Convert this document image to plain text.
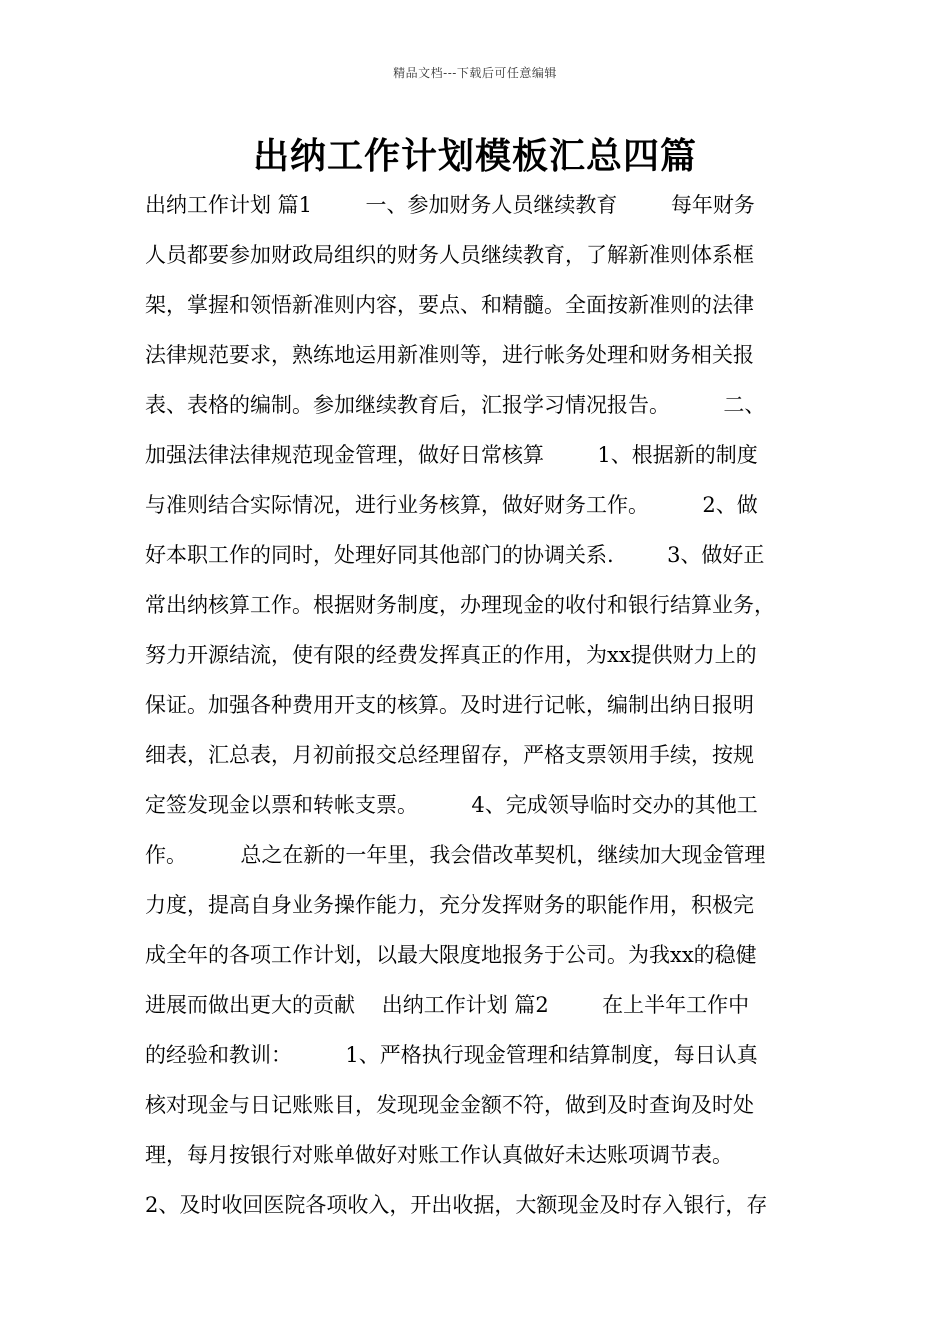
精品文档---下载后可任意编辑
出纳工作计划模板汇总四篇
出纳工作计划 篇1        一、参加财务人员继续教育        每年财务
人员都要参加财政局组织的财务人员继续教育，了解新准则体系框
架，掌握和领悟新准则内容，要点、和精髓。全面按新准则的法律
法律规范要求，熟练地运用新准则等，进行帐务处理和财务相关报
表、表格的编制。参加继续教育后，汇报学习情况报告。        二、
加强法律法律规范现金管理，做好日常核算        1、根据新的制度
与准则结合实际情况，进行业务核算，做好财务工作。        2、做
好本职工作的同时，处理好同其他部门的协调关系.        3、做好正
常出纳核算工作。根据财务制度，办理现金的收付和银行结算业务，
努力开源结流，使有限的经费发挥真正的作用，为xx提供财力上的
保证。加强各种费用开支的核算。及时进行记帐，编制出纳日报明
细表，汇总表，月初前报交总经理留存，严格支票领用手续，按规
定签发现金以票和转帐支票。        4、完成领导临时交办的其他工
作。        总之在新的一年里，我会借改革契机，继续加大现金管理
力度，提高自身业务操作能力，充分发挥财务的职能作用，积极完
成全年的各项工作计划，以最大限度地报务于公司。为我xx的稳健
进展而做出更大的贡献    出纳工作计划 篇2        在上半年工作中
的经验和教训：        1、严格执行现金管理和结算制度，每日认真
核对现金与日记账账目，发现现金金额不符，做到及时查询及时处
理，每月按银行对账单做好对账工作认真做好未达账项调节表。
2、及时收回医院各项收入，开出收据，大额现金及时存入银行，存
